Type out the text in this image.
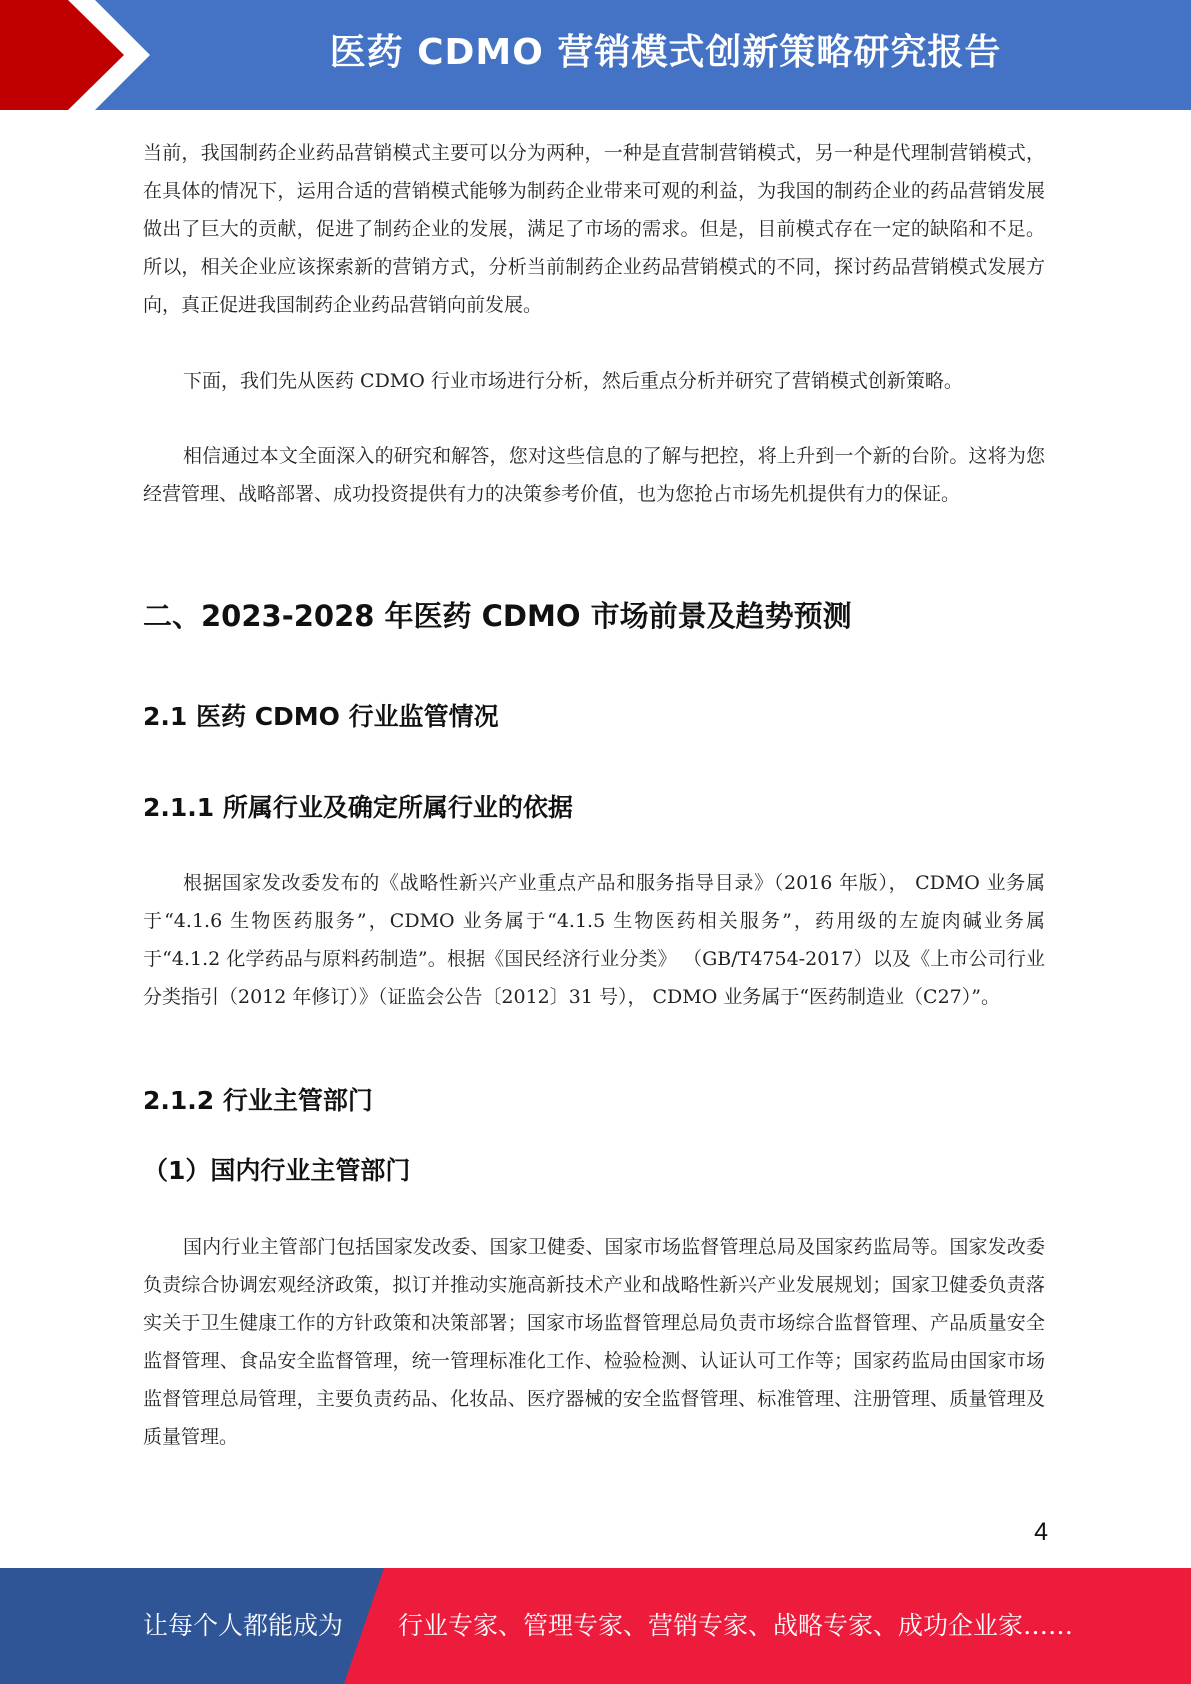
医药 CDMO 营销模式创新策略研究报告
当前，我国制药企业药品营销模式主要可以分为两种，一种是直营制营销模式，另一种是代理制营销模式，在具体的情况下，运用合适的营销模式能够为制药企业带来可观的利益，为我国的制药企业的药品营销发展做出了巨大的贡献，促进了制药企业的发展，满足了市场的需求。但是，目前模式存在一定的缺陷和不足。所以，相关企业应该探索新的营销方式，分析当前制药企业药品营销模式的不同，探讨药品营销模式发展方向，真正促进我国制药企业药品营销向前发展。
下面，我们先从医药 CDMO 行业市场进行分析，然后重点分析并研究了营销模式创新策略。
相信通过本文全面深入的研究和解答，您对这些信息的了解与把控，将上升到一个新的台阶。这将为您经营管理、战略部署、成功投资提供有力的决策参考价值，也为您抢占市场先机提供有力的保证。
二、2023-2028 年医药 CDMO 市场前景及趋势预测
2.1 医药 CDMO 行业监管情况
2.1.1 所属行业及确定所属行业的依据
根据国家发改委发布的《战略性新兴产业重点产品和服务指导目录》（2016 年版）， CDMO 业务属于“4.1.6 生物医药服务”，CDMO 业务属于“4.1.5 生物医药相关服务”，药用级的左旋肉碱业务属于“4.1.2 化学药品与原料药制造”。根据《国民经济行业分类》 （GB/T4754-2017）以及《上市公司行业分类指引（2012 年修订）》（证监会公告〔2012〕31 号）， CDMO 业务属于“医药制造业（C27）”。
2.1.2 行业主管部门
（1）国内行业主管部门
国内行业主管部门包括国家发改委、国家卫健委、国家市场监督管理总局及国家药监局等。国家发改委负责综合协调宏观经济政策，拟订并推动实施高新技术产业和战略性新兴产业发展规划；国家卫健委负责落实关于卫生健康工作的方针政策和决策部署；国家市场监督管理总局负责市场综合监督管理、产品质量安全监督管理、食品安全监督管理，统一管理标准化工作、检验检测、认证认可工作等；国家药监局由国家市场监督管理总局管理，主要负责药品、化妆品、医疗器械的安全监督管理、标准管理、注册管理、质量管理及质量管理。
4
让每个人都能成为 行业专家、管理专家、营销专家、战略专家、成功企业家……
